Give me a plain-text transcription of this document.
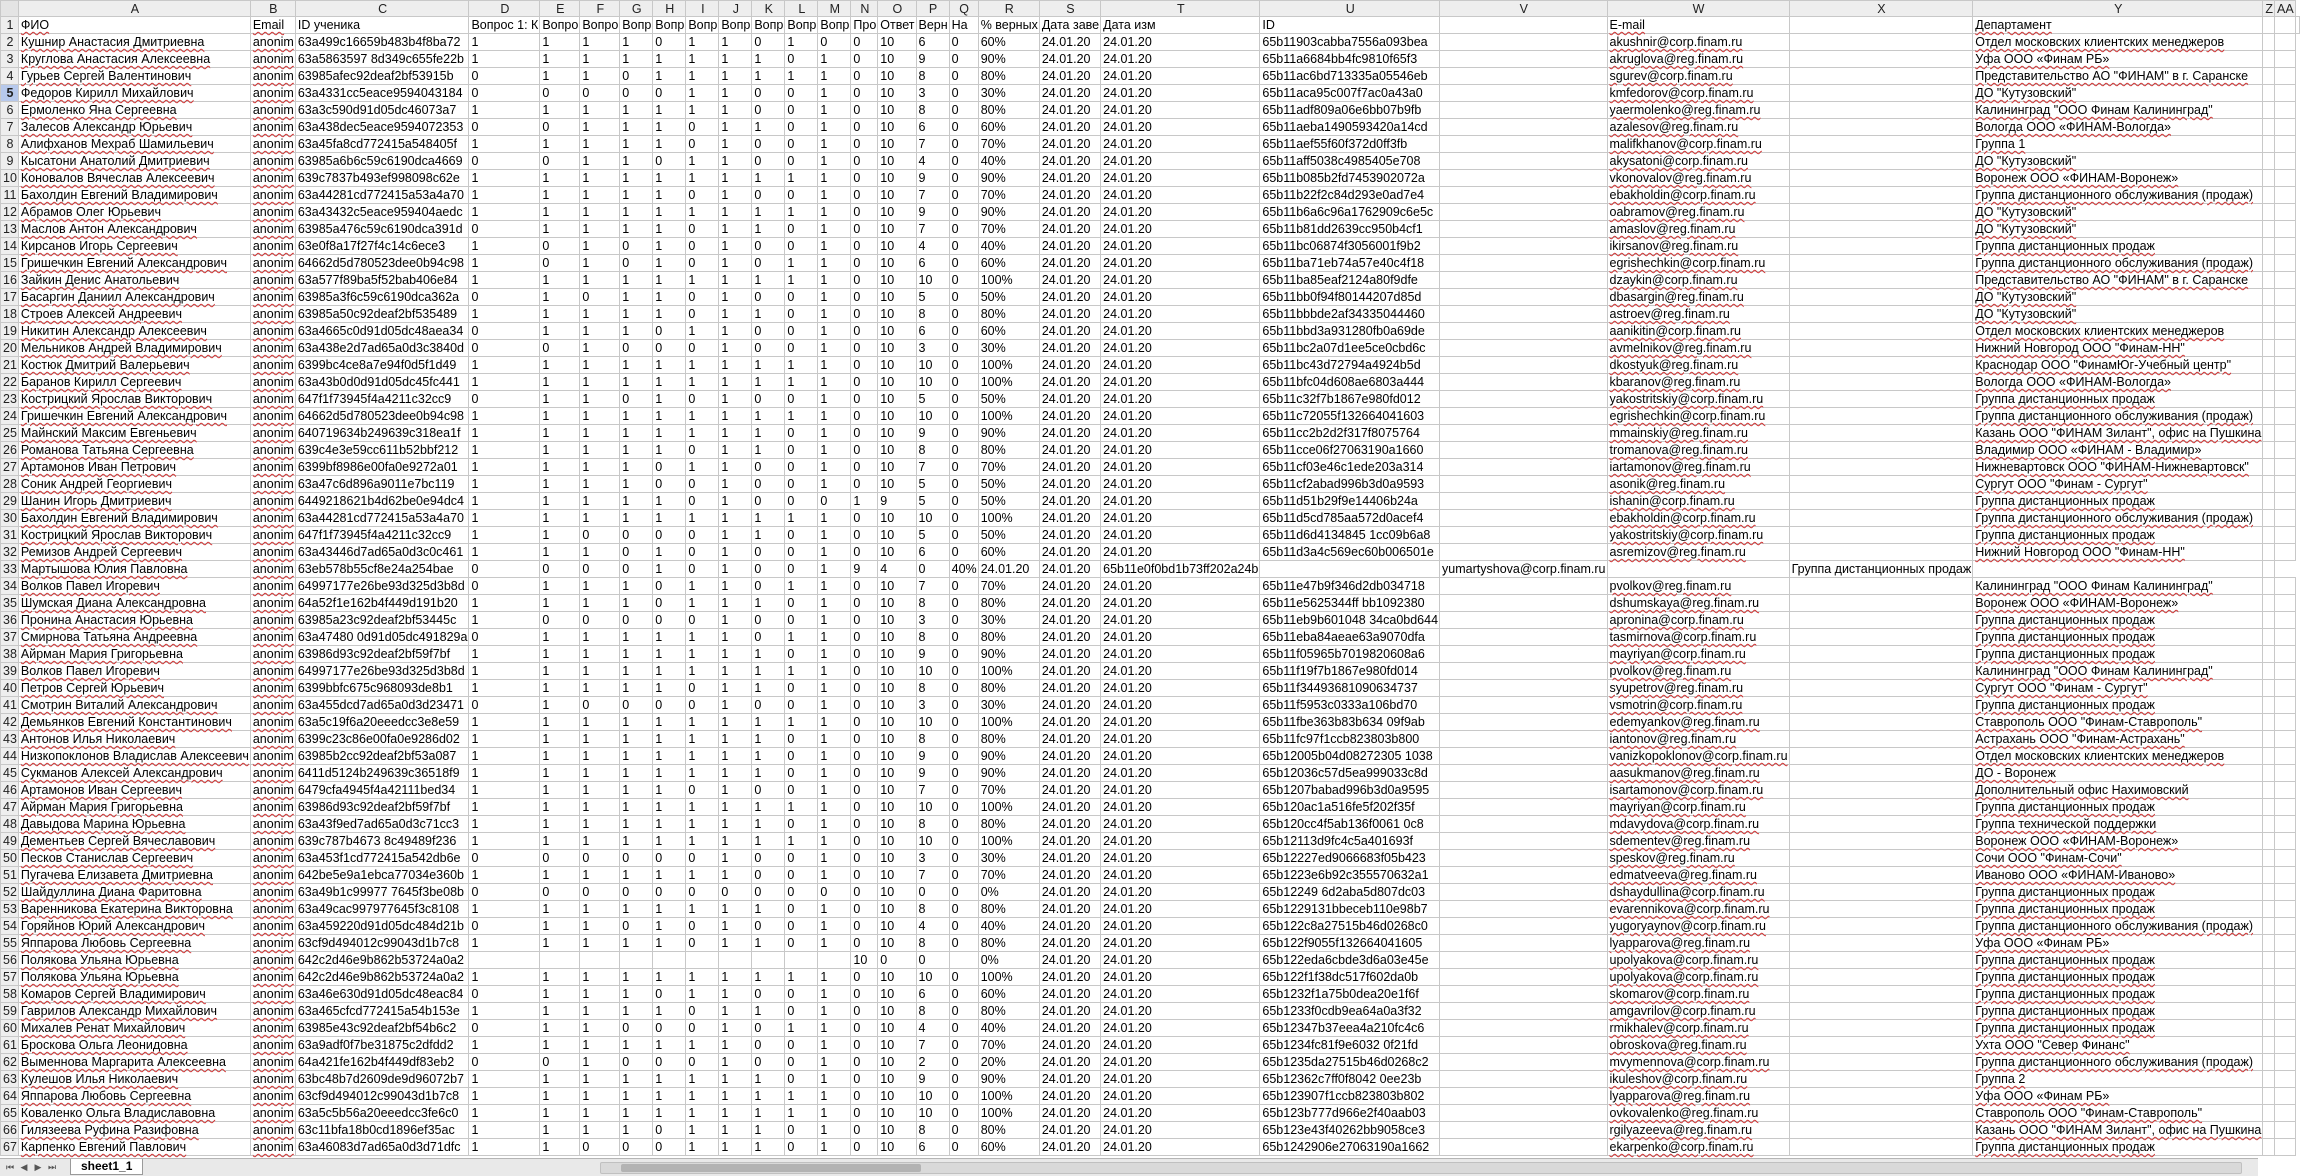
	A	B	C	D	E	F	G	H	I	J	K	L	M	N	O	P	Q	R	S	T	U	V	W	X	Y	Z	AA	
1	ФИО	Email	ID ученика	Вопрос 1: К	Вопро	Вопро	Вопр	Вопр	Вопр	Вопр	Вопр	Вопр	Вопр	Про	Ответ	Верн	На	% верных	Дата заве	Дата изм	ID		E-mail		Департамент			
2	Кушнир Анастасия Дмитриевна	anonim	63a499c16659b483b4f8ba72	1	1	1	1	0	1	1	0	1	0	0	10	6	0	60%	24.01.20	24.01.20	65b11903cabba7556a093bea		akushnir@corp.finam.ru		Отдел московских клиентских менеджеров			
3	Круглова Анастасия Алексеевна	anonim	63a5863597 8d349c655fe22b	1	1	1	1	1	1	1	1	0	1	0	10	9	0	90%	24.01.20	24.01.20	65b11a6684bb4fc9810f65f3		akruglova@reg.finam.ru		Уфа ООО «Финам РБ»			
4	Гурьев Сергей Валентинович	anonim	63985afec92deaf2bf53915b	0	1	1	0	1	1	1	1	1	1	0	10	8	0	80%	24.01.20	24.01.20	65b11ac6bd713335a05546eb		sgurev@corp.finam.ru		Представительство АО "ФИНАМ" в г. Саранске			
5	Федоров Кирилл Михайлович	anonim	63a4331cc5eace9594043184	0	0	0	0	0	1	1	0	0	1	0	10	3	0	30%	24.01.20	24.01.20	65b11aca95c007f7ac0a43a0		kmfedorov@corp.finam.ru		ДО "Кутузовский"			
6	Ермоленко Яна Сергеевна	anonim	63a3c590d91d05dc46073a7	1	1	1	1	1	1	1	0	0	1	0	10	8	0	80%	24.01.20	24.01.20	65b11adf809a06e6bb07b9fb		yaermolenko@reg.finam.ru		Калининград "ООО Финам Калининград"			
7	Залесов Александр Юрьевич	anonim	63a438dec5eace9594072353	0	0	1	1	1	0	1	1	0	1	0	10	6	0	60%	24.01.20	24.01.20	65b11aeba1490593420a14cd		azalesov@reg.finam.ru		Вологда ООО «ФИНАМ-Вологда»			
8	Алифханов Мехраб Шамильевич	anonim	63a45fa8cd772415a548405f	1	1	1	1	1	0	1	0	0	1	0	10	7	0	70%	24.01.20	24.01.20	65b11aef55f60f372d0ff3fb		malifkhanov@corp.finam.ru		Группа 1			
9	Кысатони Анатолий Дмитриевич	anonim	63985a6b6c59c6190dca4669	0	0	1	1	0	1	1	0	0	1	0	10	4	0	40%	24.01.20	24.01.20	65b11aff5038c4985405e708		akysatoni@corp.finam.ru		ДО "Кутузовский"			
10	Коновалов Вячеслав Алексеевич	anonim	639c7837b493ef998098c62e	1	1	1	1	1	1	1	1	1	1	0	10	9	0	90%	24.01.20	24.01.20	65b11b085b2fd7453902072a		vkonovalov@reg.finam.ru		Воронеж ООО «ФИНАМ-Воронеж»			
11	Бахолдин Евгений Владимирович	anonim	63a44281cd772415a53a4a70	1	1	1	1	1	0	1	0	0	1	0	10	7	0	70%	24.01.20	24.01.20	65b11b22f2c84d293e0ad7e4		ebakholdin@corp.finam.ru		Группа дистанционного обслуживания (продаж)			
12	Абрамов Олег Юрьевич	anonim	63a43432c5eace959404aedc	1	1	1	1	1	1	1	1	1	1	0	10	9	0	90%	24.01.20	24.01.20	65b11b6a6c96a1762909c6e5c		oabramov@reg.finam.ru		ДО "Кутузовский"			
13	Маслов Антон Александрович	anonim	63985a476c59c6190dca391d	0	1	1	1	1	0	1	1	0	1	0	10	7	0	70%	24.01.20	24.01.20	65b11b81dd2639cc950b4cf1		amaslov@reg.finam.ru		ДО "Кутузовский"			
14	Кирсанов Игорь Сергеевич	anonim	63e0f8a17f27f4c14c6ece3	1	0	1	0	1	0	1	0	0	1	0	10	4	0	40%	24.01.20	24.01.20	65b11bc06874f3056001f9b2		ikirsanov@reg.finam.ru		Группа дистанционных продаж			
15	Гришечкин Евгений Александрович	anonim	64662d5d780523dee0b94c98	1	0	1	0	1	0	1	0	1	1	0	10	6	0	60%	24.01.20	24.01.20	65b11ba71eb74a57e40c4f18		egrishechkin@corp.finam.ru		Группа дистанционного обслуживания (продаж)			
16	Зайкин Денис Анатольевич	anonim	63a577f89ba5f52bab406e84	1	1	1	1	1	1	1	1	1	1	0	10	10	0	100%	24.01.20	24.01.20	65b11ba85eaf2124a80f9dfe		dzaykin@corp.finam.ru		Представительство АО "ФИНАМ" в г. Саранске			
17	Басаргин Даниил Александрович	anonim	63985a3f6c59c6190dca362a	0	1	0	1	1	0	1	0	0	1	0	10	5	0	50%	24.01.20	24.01.20	65b11bb0f94f80144207d85d		dbasargin@reg.finam.ru		ДО "Кутузовский"			
18	Строев Алексей Андреевич	anonim	63985a50c92deaf2bf535489	1	1	1	1	1	0	1	1	0	1	0	10	8	0	80%	24.01.20	24.01.20	65b11bbbde2af34335044460		astroev@reg.finam.ru		ДО "Кутузовский"			
19	Никитин Александр Алексеевич	anonim	63a4665c0d91d05dc48aea34	0	1	1	1	0	1	1	0	0	1	0	10	6	0	60%	24.01.20	24.01.20	65b11bbd3a931280fb0a69de		aanikitin@corp.finam.ru		Отдел московских клиентских менеджеров			
20	Мельников Андрей Владимирович	anonim	63a438e2d7ad65a0d3c3840d	0	0	1	0	0	0	1	0	0	1	0	10	3	0	30%	24.01.20	24.01.20	65b11bc2a07d1ee5ce0cbd6c		avmelnikov@reg.finam.ru		Нижний Новгород ООО "Финам-НН"			
21	Костюк Дмитрий Валерьевич	anonim	6399bc4ce8a7e94f0d5f1d49	1	1	1	1	1	1	1	1	1	1	0	10	10	0	100%	24.01.20	24.01.20	65b11bc43d72794a4924b5d		dkostyuk@reg.finam.ru		Краснодар ООО "ФинамЮг-Учебный центр"			
22	Баранов Кирилл Сергеевич	anonim	63a43b0d0d91d05dc45fc441	1	1	1	1	1	1	1	1	1	1	0	10	10	0	100%	24.01.20	24.01.20	65b11bfc04d608ae6803a444		kbaranov@reg.finam.ru		Вологда ООО «ФИНАМ-Вологда»			
23	Кострицкий Ярослав Викторович	anonim	647f1f73945f4a4211c32cc9	0	1	1	0	1	0	1	0	0	1	0	10	5	0	50%	24.01.20	24.01.20	65b11c32f7b1867e980fd012		yakostritskiy@corp.finam.ru		Группа дистанционных продаж			
24	Гришечкин Евгений Александрович	anonim	64662d5d780523dee0b94c98	1	1	1	1	1	1	1	1	1	1	0	10	10	0	100%	24.01.20	24.01.20	65b11c72055f132664041603		egrishechkin@corp.finam.ru		Группа дистанционного обслуживания (продаж)			
25	Майнский Максим Евгеньевич	anonim	640719634b249639c318ea1f	1	1	1	1	1	1	1	1	0	1	0	10	9	0	90%	24.01.20	24.01.20	65b11cc2b2d2f317f8075764		mmainskiy@reg.finam.ru		Казань ООО "ФИНАМ Зилант", офис на Пушкина			
26	Романова Татьяна Сергеевна	anonim	639c4e3e59cc611b52bbf212	1	1	1	1	1	0	1	1	0	1	0	10	8	0	80%	24.01.20	24.01.20	65b11cce06f27063190a1660		tromanova@reg.finam.ru		Владимир ООО «ФИНАМ - Владимир»			
27	Артамонов Иван Петрович	anonim	6399bf8986e00fa0e9272a01	1	1	1	1	0	1	1	0	0	1	0	10	7	0	70%	24.01.20	24.01.20	65b11cf03e46c1ede203a314		iartamonov@reg.finam.ru		Нижневартовск ООО "ФИНАМ-Нижневартовск"			
28	Соник Андрей Георгиевич	anonim	63a47c6d896a9011e7bc119	1	1	1	1	0	0	1	0	0	1	0	10	5	0	50%	24.01.20	24.01.20	65b11cf2abad996b3d0a9593		asonik@reg.finam.ru		Сургут ООО "Финам - Сургут"			
29	Шанин Игорь Дмитриевич	anonim	6449218621b4d62be0e94dc4	1	1	1	1	1	0	1	0	0	0	1	9	5	0	50%	24.01.20	24.01.20	65b11d51b29f9e14406b24a		ishanin@corp.finam.ru		Группа дистанционных продаж			
30	Бахолдин Евгений Владимирович	anonim	63a44281cd772415a53a4a70	1	1	1	1	1	1	1	1	1	1	0	10	10	0	100%	24.01.20	24.01.20	65b11d5cd785aa572d0acef4		ebakholdin@corp.finam.ru		Группа дистанционного обслуживания (продаж)			
31	Кострицкий Ярослав Викторович	anonim	647f1f73945f4a4211c32cc9	1	1	0	0	0	0	1	1	0	1	0	10	5	0	50%	24.01.20	24.01.20	65b11d6d4134845 1cc09b6a8		yakostritskiy@corp.finam.ru		Группа дистанционных продаж			
32	Ремизов Андрей Сергеевич	anonim	63a43446d7ad65a0d3c0c461	1	1	1	0	1	0	1	0	0	1	0	10	6	0	60%	24.01.20	24.01.20	65b11d3a4c569ec60b006501e		asremizov@reg.finam.ru		Нижний Новгород ООО "Финам-НН"			
33	Мартышова Юлия Павловна	anonim	63eb578b55cf8e24a254bae	0	0	0	0	1	0	1	0	0	1	9	4	0	40%	24.01.20	24.01.20	65b11e0f0bd1b73ff202a24b		yumartyshova@corp.finam.ru		Группа дистанционных продаж				
34	Волков Павел Игоревич	anonim	64997177e26be93d325d3b8d	0	1	1	1	0	1	1	0	1	1	0	10	7	0	70%	24.01.20	24.01.20	65b11e47b9f346d2db034718		pvolkov@reg.finam.ru		Калининград "ООО Финам Калининград"			
35	Шумская Диана Александровна	anonim	64a52f1e162b4f449d191b20	1	1	1	1	0	1	1	1	0	1	0	10	8	0	80%	24.01.20	24.01.20	65b11e5625344ff bb1092380		dshumskaya@reg.finam.ru		Воронеж ООО «ФИНАМ-Воронеж»			
36	Пронина Анастасия Юрьевна	anonim	63985a23c92deaf2bf53445c	1	0	0	0	0	0	1	0	0	1	0	10	3	0	30%	24.01.20	24.01.20	65b11eb9b601048 34ca0bd644		apronina@corp.finam.ru		Группа дистанционных продаж			
37	Смирнова Татьяна Андреевна	anonim	63a47480 0d91d05dc491829a	0	1	1	1	1	1	1	0	1	1	0	10	8	0	80%	24.01.20	24.01.20	65b11eba84aeae63a9070dfa		tasmirnova@corp.finam.ru		Группа дистанционных продаж			
38	Айрман Мария Григорьевна	anonim	63986d93c92deaf2bf59f7bf	1	1	1	1	1	1	1	1	0	1	0	10	9	0	90%	24.01.20	24.01.20	65b11f05965b7019820608a6		mayriyan@corp.finam.ru		Группа дистанционных продаж			
39	Волков Павел Игоревич	anonim	64997177e26be93d325d3b8d	1	1	1	1	1	1	1	1	1	1	0	10	10	0	100%	24.01.20	24.01.20	65b11f19f7b1867e980fd014		pvolkov@reg.finam.ru		Калининград "ООО Финам Калининград"			
40	Петров Сергей Юрьевич	anonim	6399bbfc675c968093de8b1	1	1	1	1	1	0	1	1	0	1	0	10	8	0	80%	24.01.20	24.01.20	65b11f34493681090634737		syupetrov@reg.finam.ru		Сургут ООО "Финам - Сургут"			
41	Смотрин Виталий Александрович	anonim	63a455dcd7ad65a0d3d23471	0	1	0	0	0	0	1	0	0	1	0	10	3	0	30%	24.01.20	24.01.20	65b11f5953c0333a106bd70		vsmotrin@corp.finam.ru		Группа дистанционных продаж			
42	Демьянков Евгений Константинович	anonim	63a5c19f6a20eeedcc3e8e59	1	1	1	1	1	1	1	1	1	1	0	10	10	0	100%	24.01.20	24.01.20	65b11fbe363b83b634 09f9ab		edemyankov@reg.finam.ru		Ставрополь ООО "Финам-Ставрополь"			
43	Антонов Илья Николаевич	anonim	6399c23c86e00fa0e9286d02	1	1	1	1	1	1	1	1	0	1	0	10	8	0	80%	24.01.20	24.01.20	65b11fc97f1ccb823803b800		iantonov@reg.finam.ru		Астрахань ООО "Финам-Астрахань"			
44	Низкопоклонов Владислав Алексеевич	anonim	63985b2cc92deaf2bf53a087	1	1	1	1	1	1	1	1	0	1	0	10	9	0	90%	24.01.20	24.01.20	65b12005b04d08272305 1038		vanizkopoklonov@corp.finam.ru		Отдел московских клиентских менеджеров			
45	Сукманов Алексей Александрович	anonim	6411d5124b249639c36518f9	1	1	1	1	1	1	1	1	0	1	0	10	9	0	90%	24.01.20	24.01.20	65b12036c57d5ea999033c8d		aasukmanov@reg.finam.ru		ДО - Воронеж			
46	Артамонов Иван Сергеевич	anonim	6479cfa4945f4a42111bed34	1	1	1	1	1	0	1	0	0	1	0	10	7	0	70%	24.01.20	24.01.20	65b1207babad996b3d0a9595		isartamonov@corp.finam.ru		Дополнительный офис Нахимовский			
47	Айрман Мария Григорьевна	anonim	63986d93c92deaf2bf59f7bf	1	1	1	1	1	1	1	1	1	1	0	10	10	0	100%	24.01.20	24.01.20	65b120ac1a516fe5f202f35f		mayriyan@corp.finam.ru		Группа дистанционных продаж			
48	Давыдова Марина Юрьевна	anonim	63a43f9ed7ad65a0d3c71cc3	1	1	1	1	1	1	1	1	0	1	0	10	8	0	80%	24.01.20	24.01.20	65b120cc4f5ab136f0061 0c8		mdavydova@corp.finam.ru		Группа технической поддержки			
49	Дементьев Сергей Вячеславович	anonim	639c787b4673 8c49489f236	1	1	1	1	1	1	1	1	1	1	0	10	10	0	100%	24.01.20	24.01.20	65b12113d9fc4c5a401693f		sdementev@reg.finam.ru		Воронеж ООО «ФИНАМ-Воронеж»			
50	Песков Станислав Сергеевич	anonim	63a453f1cd772415a542db6e	0	0	0	0	0	0	1	0	0	1	0	10	3	0	30%	24.01.20	24.01.20	65b12227ed9066683f05b423		speskov@reg.finam.ru		Сочи ООО "Финам-Сочи"			
51	Пугачева Елизавета Дмитриевна	anonim	642be5e9a1ebca77034e360b	1	1	1	1	1	1	1	0	0	1	0	10	7	0	70%	24.01.20	24.01.20	65b1223e6b92c355570632a1		edmatveeva@reg.finam.ru		Иваново ООО «ФИНАМ-Иваново»			
52	Шайдуллина Диана Фаритовна	anonim	63a49b1c99977 7645f3be08b	0	0	0	0	0	0	0	0	0	0	0	10	0	0	0%	24.01.20	24.01.20	65b12249 6d2aba5d807dc03		dshaydullina@corp.finam.ru		Группа дистанционных продаж			
53	Варенникова Екатерина Викторовна	anonim	63a49cac997977645f3c8108	1	1	1	1	1	1	1	1	0	1	0	10	8	0	80%	24.01.20	24.01.20	65b1229131bbeceb110e98b7		evarennikova@corp.finam.ru		Группа дистанционных продаж			
54	Горяйнов Юрий Александрович	anonim	63a459220d91d05dc484d21b	0	1	1	0	1	0	1	0	0	1	0	10	4	0	40%	24.01.20	24.01.20	65b122c8a27515b46d0268c0		yugoryaynov@corp.finam.ru		Группа дистанционного обслуживания (продаж)			
55	Яппарова Любовь Сергеевна	anonim	63cf9d494012c99043d1b7c8	1	1	1	1	1	0	1	1	0	1	0	10	8	0	80%	24.01.20	24.01.20	65b122f9055f132664041605		lyapparova@reg.finam.ru		Уфа ООО «Финам РБ»			
56	Полякова Ульяна Юрьевна	anonim	642c2d46e9b862b53724a0a2											10	0	0		0%	24.01.20	24.01.20	65b122eda6cbde3d6a03e45e		upolyakova@corp.finam.ru		Группа дистанционных продаж			
57	Полякова Ульяна Юрьевна	anonim	642c2d46e9b862b53724a0a2	1	1	1	1	1	1	1	1	1	1	0	10	10	0	100%	24.01.20	24.01.20	65b122f1f38dc517f602da0b		upolyakova@corp.finam.ru		Группа дистанционных продаж			
58	Комаров Сергей Владимирович	anonim	63a46e630d91d05dc48eac84	0	1	1	1	0	1	1	0	0	1	0	10	6	0	60%	24.01.20	24.01.20	65b1232f1a75b0dea20e1f6f		skomarov@corp.finam.ru		Группа дистанционных продаж			
59	Гаврилов Александр Михайлович	anonim	63a465cfcd772415a54b153e	1	1	1	1	1	0	1	1	0	1	0	10	8	0	80%	24.01.20	24.01.20	65b1233f0cdb9ea64a0a3f32		amgavrilov@corp.finam.ru		Группа дистанционных продаж			
60	Михалев Ренат Михайлович	anonim	63985e43c92deaf2bf54b6c2	0	1	1	0	0	0	1	0	1	1	0	10	4	0	40%	24.01.20	24.01.20	65b12347b37eea4a210fc4c6		rmikhalev@corp.finam.ru		Группа дистанционных продаж			
61	Броскова Ольга Леонидовна	anonim	63a9adf0f7be31875c2dfdd2	1	1	1	1	1	1	1	0	0	1	0	10	7	0	70%	24.01.20	24.01.20	65b1234fc81f9e6032 0f21fd		obroskova@reg.finam.ru		Ухта ООО "Север Финанс"			
62	Выменнова Маргарита Алексеевна	anonim	64a421fe162b4f449df83eb2	0	0	1	0	0	0	1	0	0	1	0	10	2	0	20%	24.01.20	24.01.20	65b1235da27515b46d0268c2		mvymennova@corp.finam.ru		Группа дистанционного обслуживания (продаж)			
63	Кулешов Илья Николаевич	anonim	63bc48b7d2609de9d96072b7	1	1	1	1	1	1	1	1	0	1	0	10	9	0	90%	24.01.20	24.01.20	65b12362c7ff0f8042 0ee23b		ikuleshov@corp.finam.ru		Группа 2			
64	Яппарова Любовь Сергеевна	anonim	63cf9d494012c99043d1b7c8	1	1	1	1	1	1	1	1	1	1	0	10	10	0	100%	24.01.20	24.01.20	65b123907f1ccb823803b802		lyapparova@reg.finam.ru		Уфа ООО «Финам РБ»			
65	Коваленко Ольга Владиславовна	anonim	63a5c5b56a20eeedcc3fe6c0	1	1	1	1	1	1	1	1	1	1	0	10	10	0	100%	24.01.20	24.01.20	65b123b777d966e2f40aab03		ovkovalenko@reg.finam.ru		Ставрополь ООО "Финам-Ставрополь"			
66	Гилязеева Руфина Разифовна	anonim	63c11bfa18b0cd1896ef35ac	1	1	1	1	0	1	1	1	0	1	0	10	8	0	80%	24.01.20	24.01.20	65b123e43f40262bb9058ce3		rgilyazeeva@reg.finam.ru		Казань ООО "ФИНАМ Зилант", офис на Пушкина			
67	Карпенко Евгений Павлович	anonim	63a46083d7ad65a0d3d71dfc	1	1	0	0	0	1	1	1	0	1	0	10	6	0	60%	24.01.20	24.01.20	65b1242906e27063190a1662		ekarpenko@corp.finam.ru		Группа дистанционных продаж			
⏮ ◀ ▶ ⏭	sheet1_1
